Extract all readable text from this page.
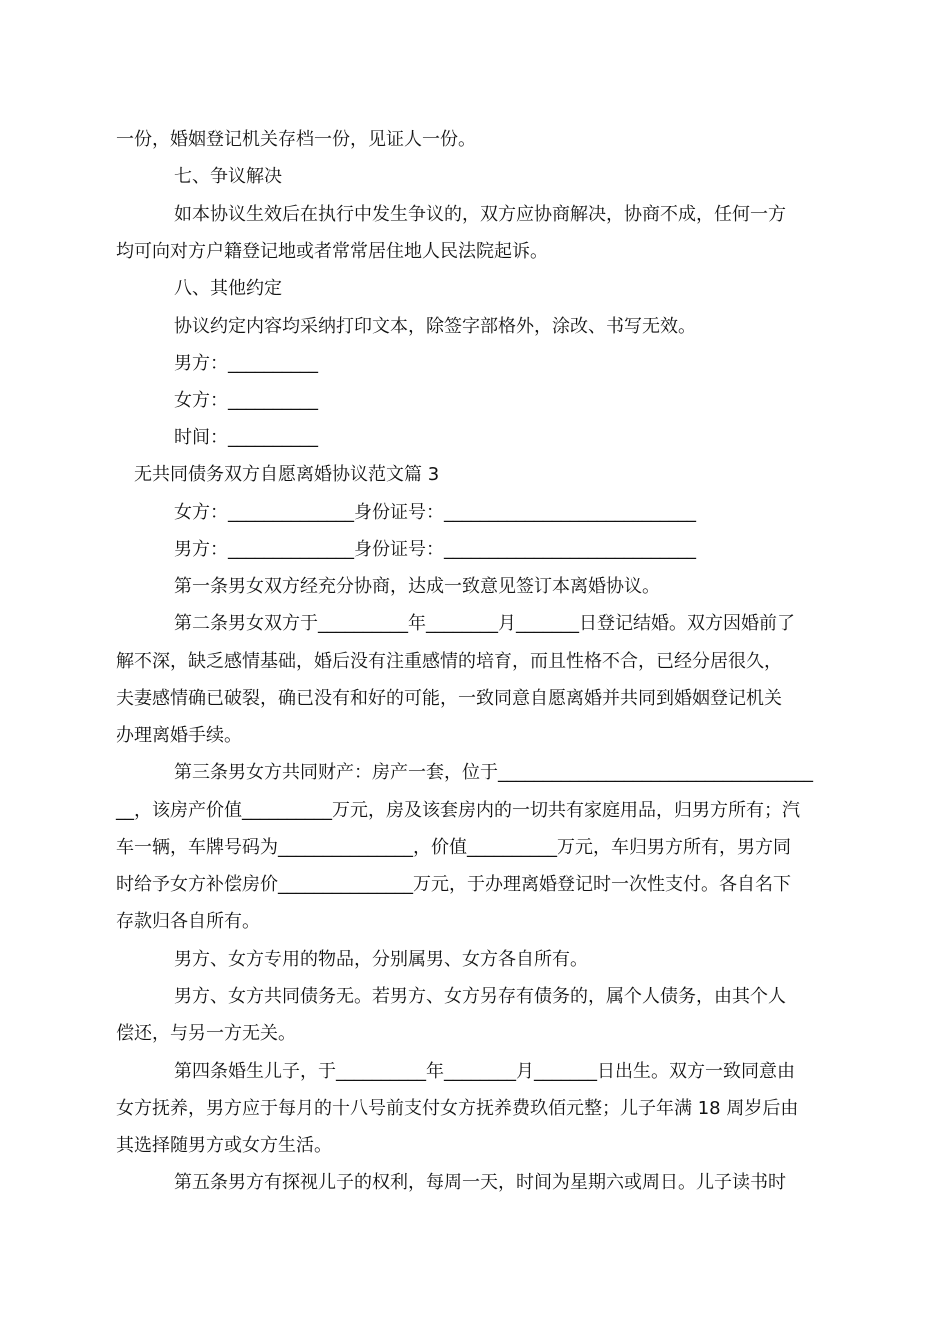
一份，婚姻登记机关存档一份，见证人一份。
七、争议解决
如本协议生效后在执行中发生争议的，双方应协商解决，协商不成，任何一方
均可向对方户籍登记地或者常常居住地人民法院起诉。
八、其他约定
协议约定内容均采纳打印文本，除签字部格外，涂改、书写无效。
男方：__________
女方：__________
时间：__________
无共同债务双方自愿离婚协议范文篇 3
女方：______________身份证号：____________________________
男方：______________身份证号：____________________________
第一条男女双方经充分协商，达成一致意见签订本离婚协议。
第二条男女双方于__________年________月_______日登记结婚。双方因婚前了
解不深，缺乏感情基础，婚后没有注重感情的培育，而且性格不合，已经分居很久，
夫妻感情确已破裂，确已没有和好的可能，一致同意自愿离婚并共同到婚姻登记机关
办理离婚手续。
第三条男女方共同财产：房产一套，位于___________________________________
__，该房产价值__________万元，房及该套房内的一切共有家庭用品，归男方所有；汽
车一辆，车牌号码为_______________，价值__________万元，车归男方所有，男方同
时给予女方补偿房价_______________万元，于办理离婚登记时一次性支付。各自名下
存款归各自所有。
男方、女方专用的物品，分别属男、女方各自所有。
男方、女方共同债务无。若男方、女方另存有债务的，属个人债务，由其个人
偿还，与另一方无关。
第四条婚生儿子，于__________年________月_______日出生。双方一致同意由
女方抚养，男方应于每月的十八号前支付女方抚养费玖佰元整；儿子年满 18 周岁后由
其选择随男方或女方生活。
第五条男方有探视儿子的权利，每周一天，时间为星期六或周日。儿子读书时
